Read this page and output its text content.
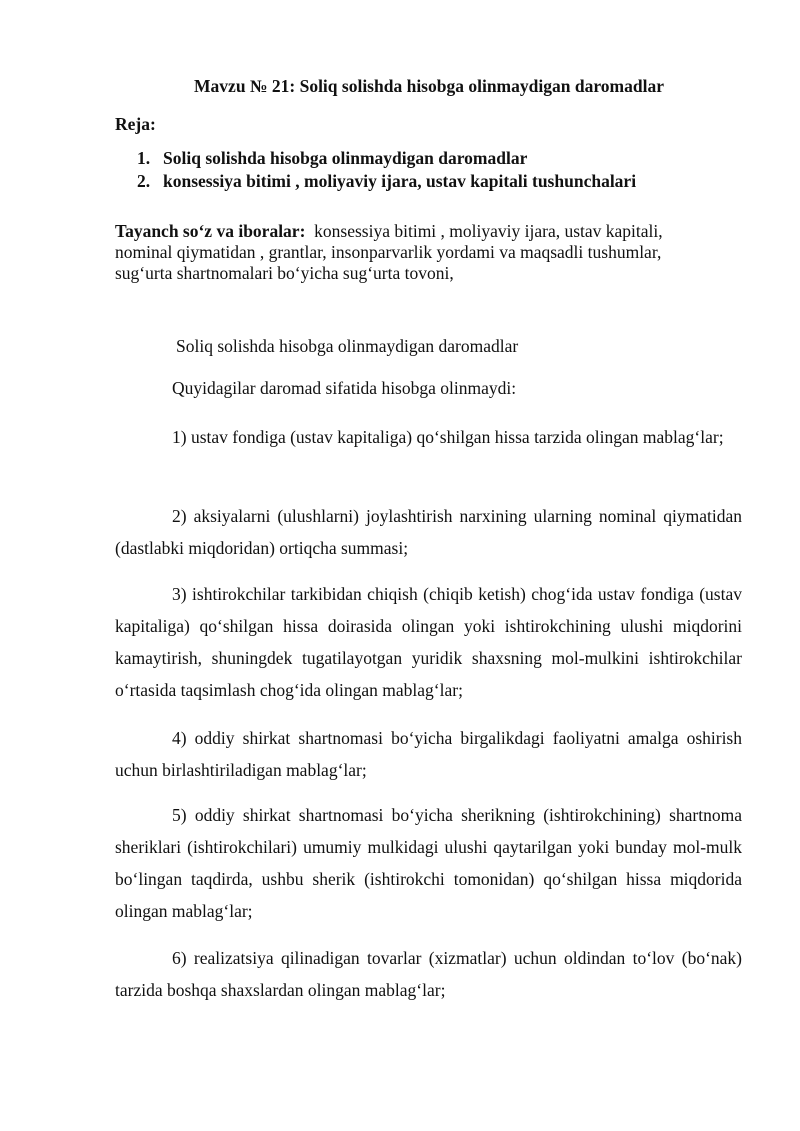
Mavzu № 21: Soliq solishda hisobga olinmaydigan daromadlar
Reja:
1. Soliq solishda hisobga olinmaydigan daromadlar
2. konsessiya bitimi , moliyaviy ijara, ustav kapitali tushunchalari
Tayanch so‘z va iboralar: konsessiya bitimi , moliyaviy ijara, ustav kapitali,
nominal qiymatidan , grantlar, insonparvarlik yordami va maqsadli tushumlar,
sug‘urta shartnomalari bo‘yicha sug‘urta tovoni,
Soliq solishda hisobga olinmaydigan daromadlar
Quyidagilar daromad sifatida hisobga olinmaydi:

1) ustav fondiga (ustav kapitaliga) qo‘shilgan hissa tarzida olingan mablag‘lar;

2) aksiyalarni (ulushlarni) joylashtirish narxining ularning nominal qiymatidan (dastlabki miqdoridan) ortiqcha summasi;

3) ishtirokchilar tarkibidan chiqish (chiqib ketish) chog‘ida ustav fondiga (ustav kapitaliga) qo‘shilgan hissa doirasida olingan yoki ishtirokchining ulushi miqdorini kamaytirish, shuningdek tugatilayotgan yuridik shaxsning mol-mulkini ishtirokchilar o‘rtasida taqsimlash chog‘ida olingan mablag‘lar;

4) oddiy shirkat shartnomasi bo‘yicha birgalikdagi faoliyatni amalga oshirish uchun birlashtiriladigan mablag‘lar;

5) oddiy shirkat shartnomasi bo‘yicha sherikning (ishtirokchining) shartnoma sheriklari (ishtirokchilari) umumiy mulkidagi ulushi qaytarilgan yoki bunday mol-mulk bo‘lingan taqdirda, ushbu sherik (ishtirokchi tomonidan) qo‘shilgan hissa miqdorida olingan mablag‘lar;

6) realizatsiya qilinadigan tovarlar (xizmatlar) uchun oldindan to‘lov (bo‘nak) tarzida boshqa shaxslardan olingan mablag‘lar;
